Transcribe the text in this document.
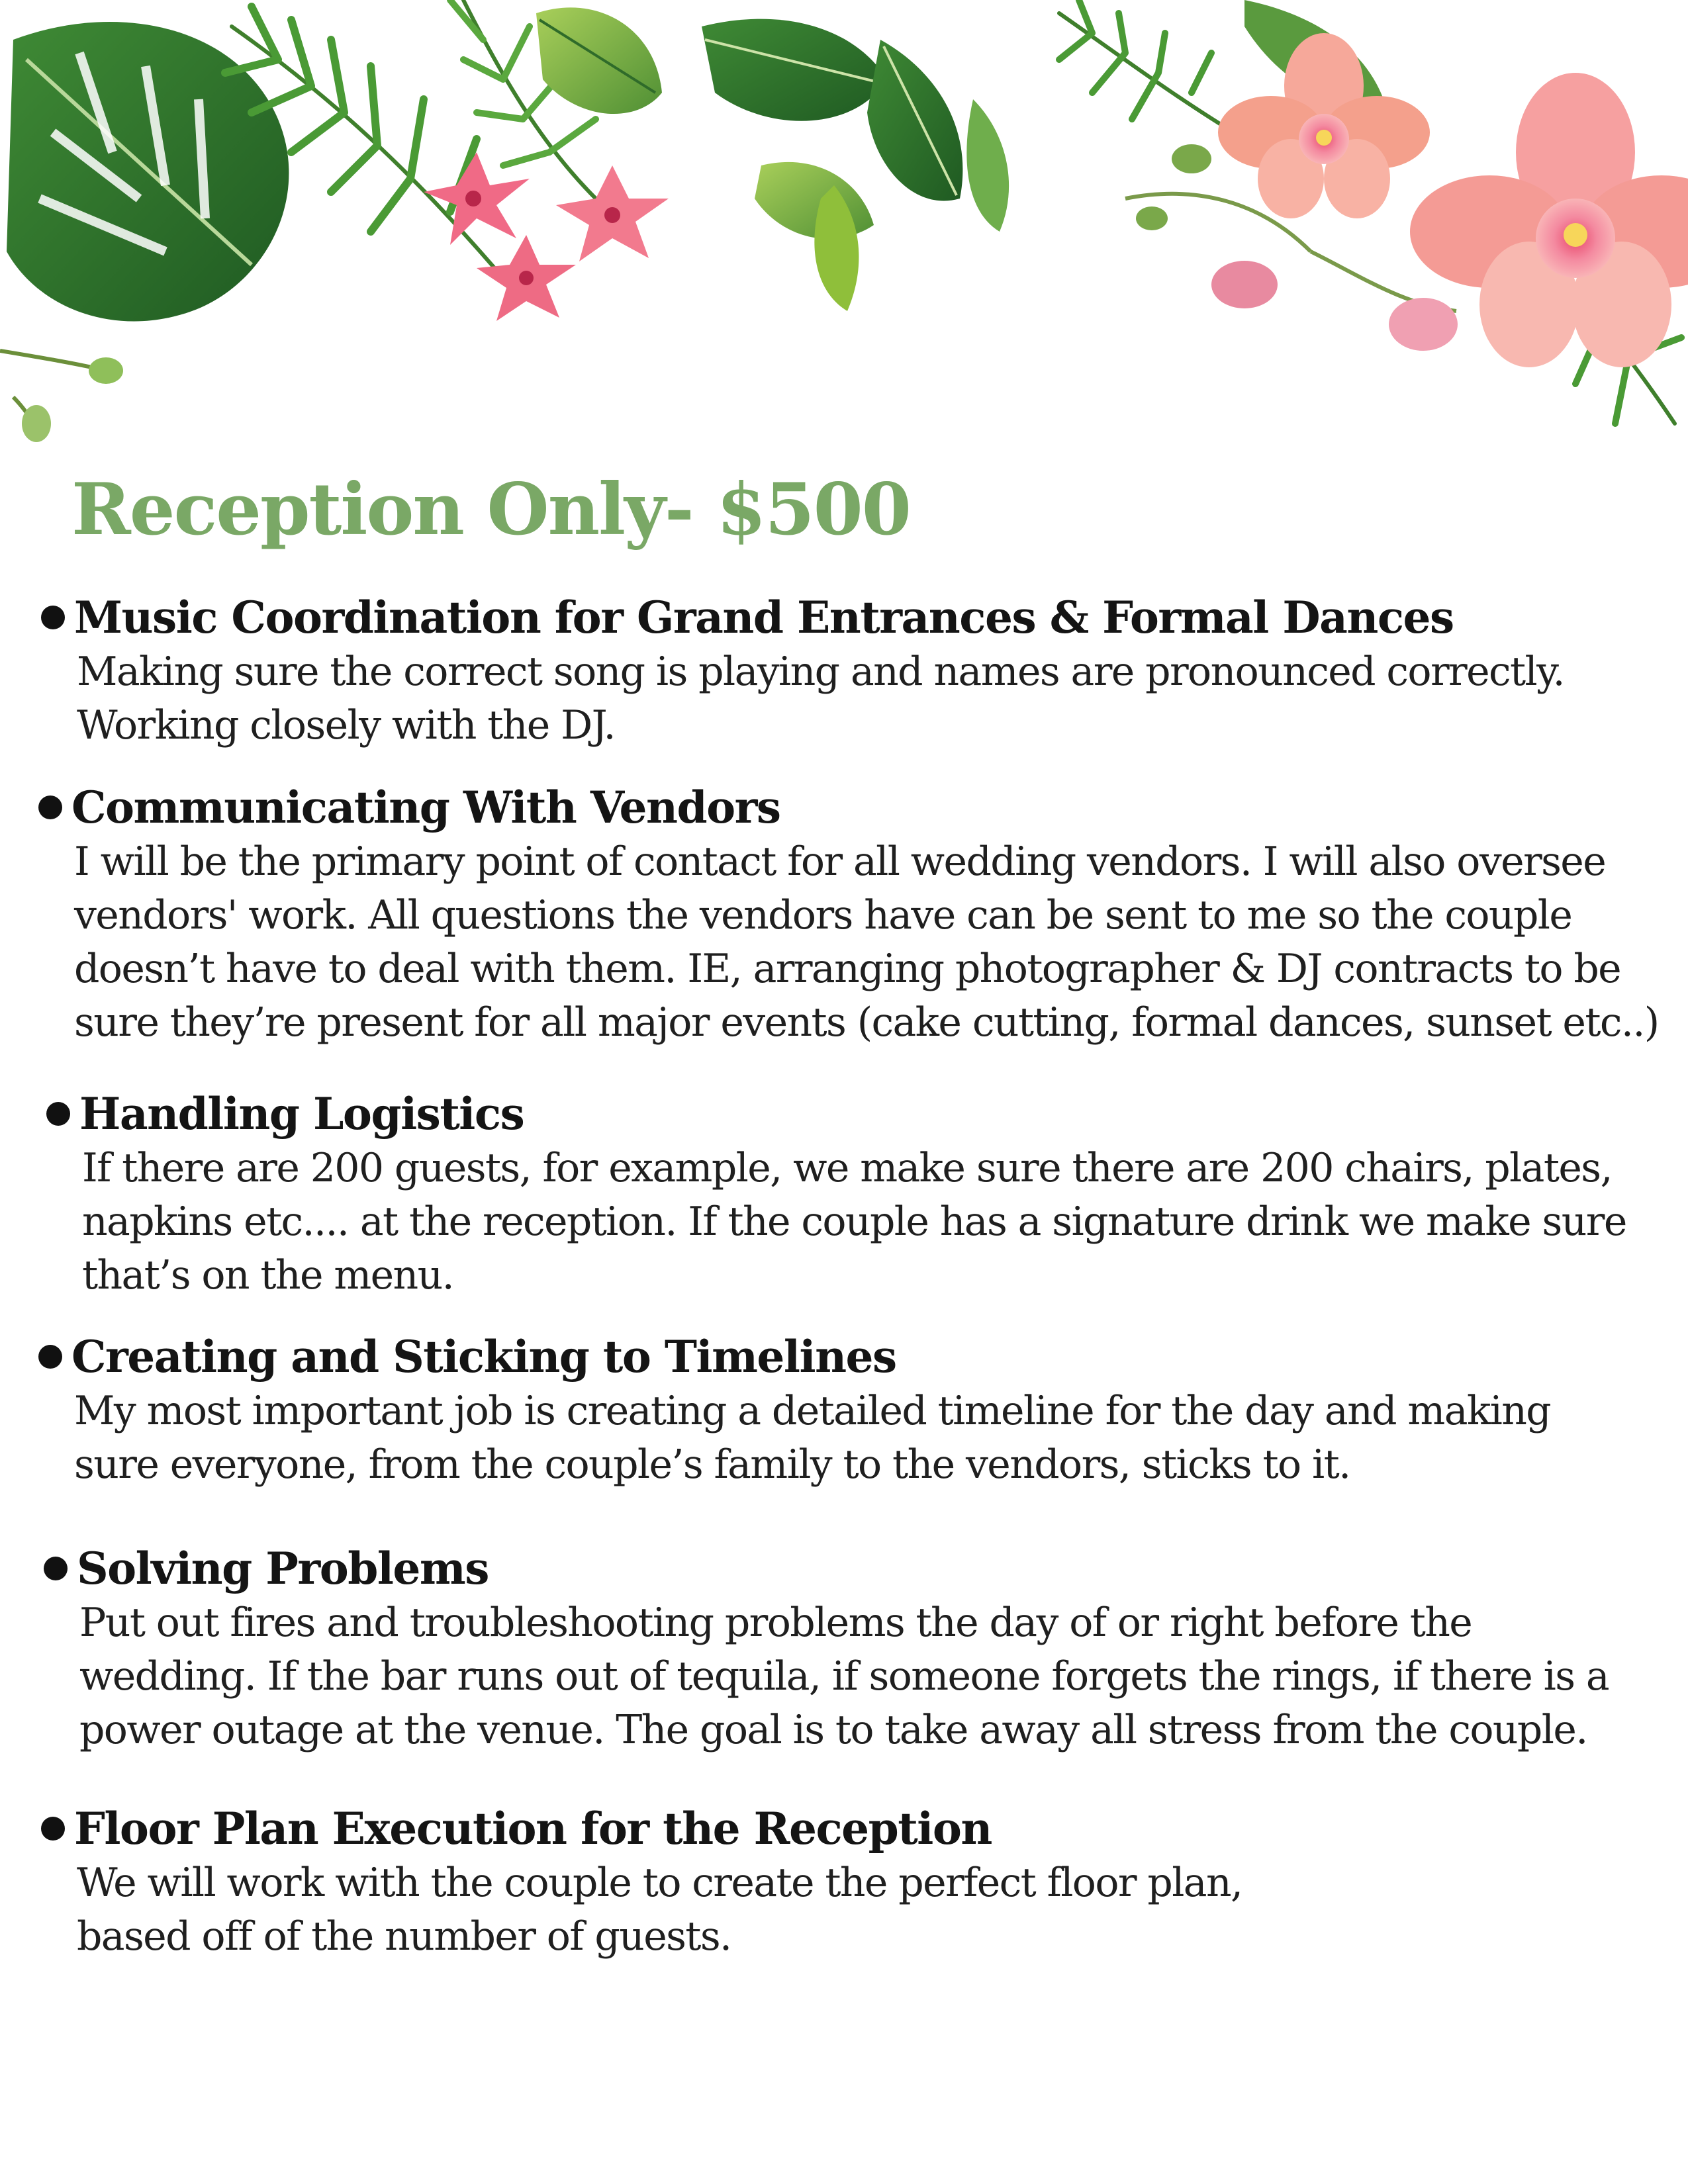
Reception Only- $500
Music Coordination for Grand Entrances & Formal Dances
Making sure the correct song is playing and names are pronounced correctly.
Working closely with the DJ.
Communicating With Vendors
I will be the primary point of contact for all wedding vendors. I will also oversee
vendors' work. All questions the vendors have can be sent to me so the couple
doesn’t have to deal with them. IE, arranging photographer & DJ contracts to be
sure they’re present for all major events (cake cutting, formal dances, sunset etc..)
Handling Logistics
If there are 200 guests, for example, we make sure there are 200 chairs, plates,
napkins etc.... at the reception. If the couple has a signature drink we make sure
that’s on the menu.
Creating and Sticking to Timelines
My most important job is creating a detailed timeline for the day and making
sure everyone, from the couple’s family to the vendors, sticks to it.
Solving Problems
Put out fires and troubleshooting problems the day of or right before the
wedding. If the bar runs out of tequila, if someone forgets the rings, if there is a
power outage at the venue. The goal is to take away all stress from the couple.
Floor Plan Execution for the Reception
We will work with the couple to create the perfect floor plan,
based off of the number of guests.
